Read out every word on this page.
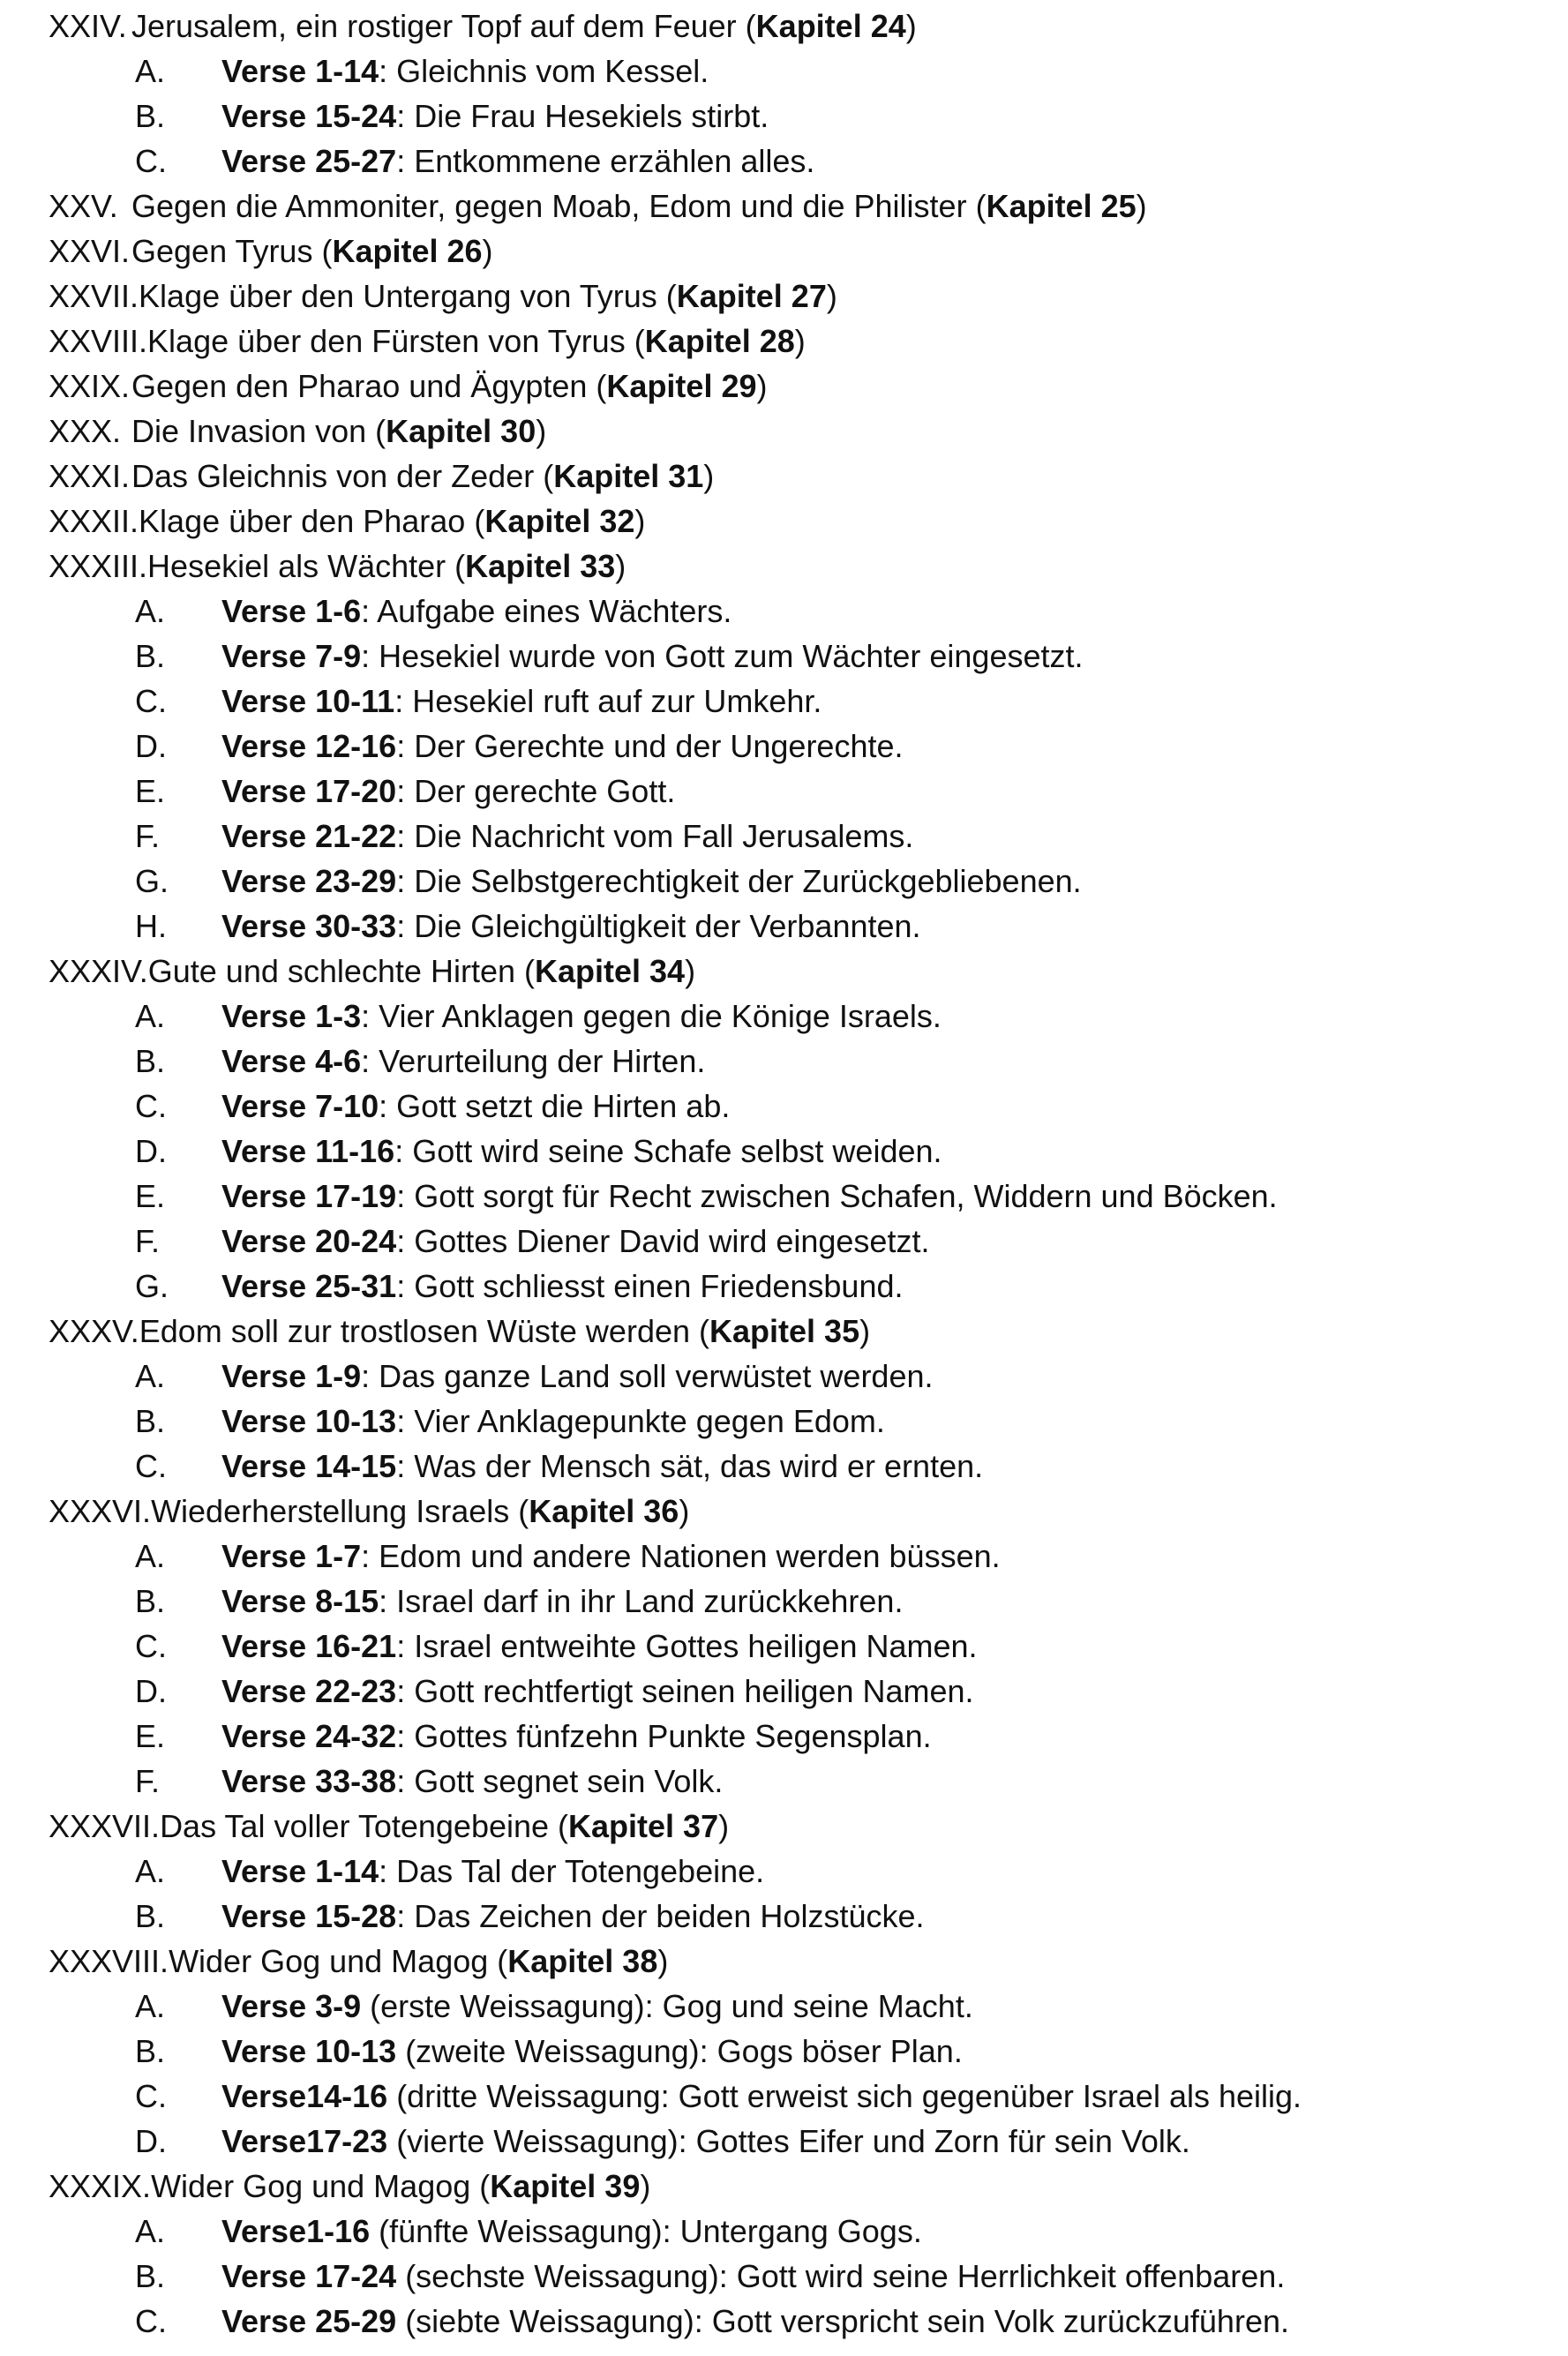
XXIV. Jerusalem, ein rostiger Topf auf dem Feuer (Kapitel 24)
A. Verse 1-14: Gleichnis vom Kessel.
B. Verse 15-24: Die Frau Hesekiels stirbt.
C. Verse 25-27: Entkommene erzählen alles.
XXV. Gegen die Ammoniter, gegen Moab, Edom und die Philister (Kapitel 25)
XXVI.Gegen Tyrus (Kapitel 26)
XXVII.Klage über den Untergang von Tyrus (Kapitel 27)
XXVIII.Klage über den Fürsten von Tyrus (Kapitel 28)
XXIX.Gegen den Pharao und Ägypten (Kapitel 29)
XXX. Die Invasion von (Kapitel 30)
XXXI.Das Gleichnis von der Zeder (Kapitel 31)
XXXII.Klage über den Pharao (Kapitel 32)
XXXIII.Hesekiel als Wächter (Kapitel 33)
A. Verse 1-6: Aufgabe eines Wächters.
B. Verse 7-9: Hesekiel wurde von Gott zum Wächter eingesetzt.
C. Verse 10-11: Hesekiel ruft auf zur Umkehr.
D. Verse 12-16: Der Gerechte und der Ungerechte.
E. Verse 17-20: Der gerechte Gott.
F. Verse 21-22: Die Nachricht vom Fall Jerusalems.
G. Verse 23-29: Die Selbstgerechtigkeit der Zurückgebliebenen.
H. Verse 30-33: Die Gleichgültigkeit der Verbannten.
XXXIV.Gute und schlechte Hirten (Kapitel 34)
A. Verse 1-3: Vier Anklagen gegen die Könige Israels.
B. Verse 4-6: Verurteilung der Hirten.
C. Verse 7-10: Gott setzt die Hirten ab.
D. Verse 11-16: Gott wird seine Schafe selbst weiden.
E. Verse 17-19: Gott sorgt für Recht zwischen Schafen, Widdern und Böcken.
F. Verse 20-24: Gottes Diener David wird eingesetzt.
G. Verse 25-31: Gott schliesst einen Friedensbund.
XXXV.Edom soll zur trostlosen Wüste werden (Kapitel 35)
A. Verse 1-9: Das ganze Land soll verwüstet werden.
B. Verse 10-13: Vier Anklagepunkte gegen Edom.
C. Verse 14-15: Was der Mensch sät, das wird er ernten.
XXXVI.Wiederherstellung Israels (Kapitel 36)
A. Verse 1-7: Edom und andere Nationen werden büssen.
B. Verse 8-15: Israel darf in ihr Land zurückkehren.
C. Verse 16-21: Israel entweihte Gottes heiligen Namen.
D. Verse 22-23: Gott rechtfertigt seinen heiligen Namen.
E. Verse 24-32: Gottes fünfzehn Punkte Segensplan.
F. Verse 33-38: Gott segnet sein Volk.
XXXVII.Das Tal voller Totengebeine (Kapitel 37)
A. Verse 1-14: Das Tal der Totengebeine.
B. Verse 15-28: Das Zeichen der beiden Holzstücke.
XXXVIII.Wider Gog und Magog (Kapitel 38)
A. Verse 3-9 (erste Weissagung): Gog und seine Macht.
B. Verse 10-13 (zweite Weissagung): Gogs böser Plan.
C. Verse14-16 (dritte Weissagung: Gott erweist sich gegenüber Israel als heilig.
D. Verse17-23 (vierte Weissagung): Gottes Eifer und Zorn für sein Volk.
XXXIX.Wider Gog und Magog (Kapitel 39)
A. Verse1-16 (fünfte Weissagung): Untergang Gogs.
B. Verse 17-24 (sechste Weissagung): Gott wird seine Herrlichkeit offenbaren.
C. Verse 25-29 (siebte Weissagung): Gott verspricht sein Volk zurückzuführen.
